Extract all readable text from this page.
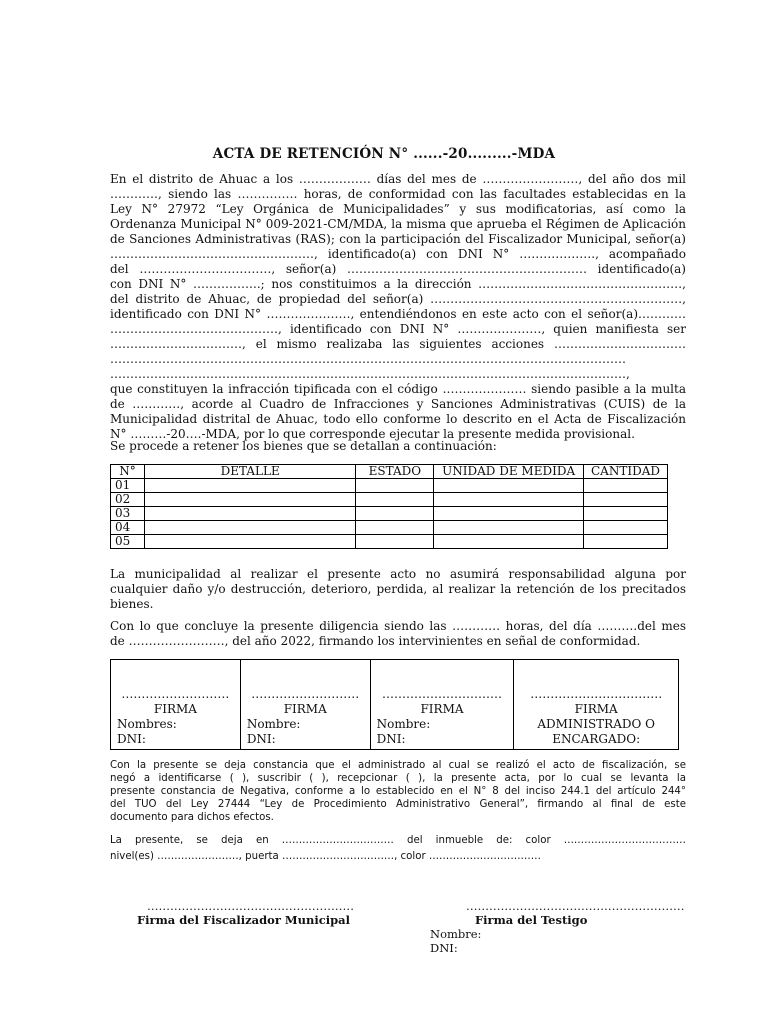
ACTA DE RETENCIÓN N° ......-20.........-MDA

En el distrito de Ahuac a los ……………… días del mes de ……………………, del año dos mil
…………, siendo las …………… horas, de conformidad con las facultades establecidas en la
Ley N° 27972 “Ley Orgánica de Municipalidades” y sus modificatorias, así como la
Ordenanza Municipal N° 009-2021-CM/MDA, la misma que aprueba el Régimen de Aplicación
de Sanciones Administrativas (RAS); con la participación del Fiscalizador Municipal, señor(a)
……………………………………………, identificado(a) con DNI N° ………………., acompañado
del ……………………………, señor(a) …………………………………………………… identificado(a)
con DNI N° ……………..; nos constituimos a la dirección ……………………………………………,
del distrito de Ahuac, de propiedad del señor(a) ………………………………………………………,
identificado con DNI N° …………………, entendiéndonos en este acto con el señor(a)…………
……………………………………, identificado con DNI N° …………………, quien manifiesta ser
……………………………, el mismo realizaba las siguientes acciones ……………………………
…………………………………………………………………………………………………………………
…………………………………………………………………………………………………………………,
que constituyen la infracción tipificada con el código ………………… siendo pasible a la multa
de …………, acorde al Cuadro de Infracciones y Sanciones Administrativas (CUIS) de la
Municipalidad distrital de Ahuac, todo ello conforme lo descrito en el Acta de Fiscalización
N° ………-20….-MDA, por lo que corresponde ejecutar la presente medida provisional.

Se procede a retener los bienes que se detallan a continuación:

N°	DETALLE	ESTADO	UNIDAD DE MEDIDA	CANTIDAD
01				
02				
03				
04				
05				

La municipalidad al realizar el presente acto no asumirá responsabilidad alguna por
cualquier daño y/o destrucción, deterioro, perdida, al realizar la retención de los precitados
bienes.

Con lo que concluye la presente diligencia siendo las ………… horas, del día ……….del mes
de ……………………, del año 2022, firmando los intervinientes en señal de conformidad.

………………………
FIRMA
Nombres:
DNI:

………………………
FIRMA
Nombre:
DNI:

…………………………
FIRMA
Nombre:
DNI:

……………………………
FIRMA
ADMINISTRADO O
ENCARGADO:

Con la presente se deja constancia que el administrado al cual se realizó el acto de fiscalización, se
negó a identificarse ( ), suscribir ( ), recepcionar ( ), la presente acta, por lo cual se levanta la
presente constancia de Negativa, conforme a lo establecido en el N° 8 del inciso 244.1 del artículo 244°
del TUO del Ley 27444 “Ley de Procedimiento Administrativo General”, firmando al final de este
documento para dichos efectos.

La presente, se deja en …………………………… del inmueble de: color ………………………………
nivel(es) ……………………, puerta ……………………………, color ……………………………

………………………………………………
Firma del Fiscalizador Municipal
…………………………………………………
Firma del Testigo
Nombre:
DNI:
